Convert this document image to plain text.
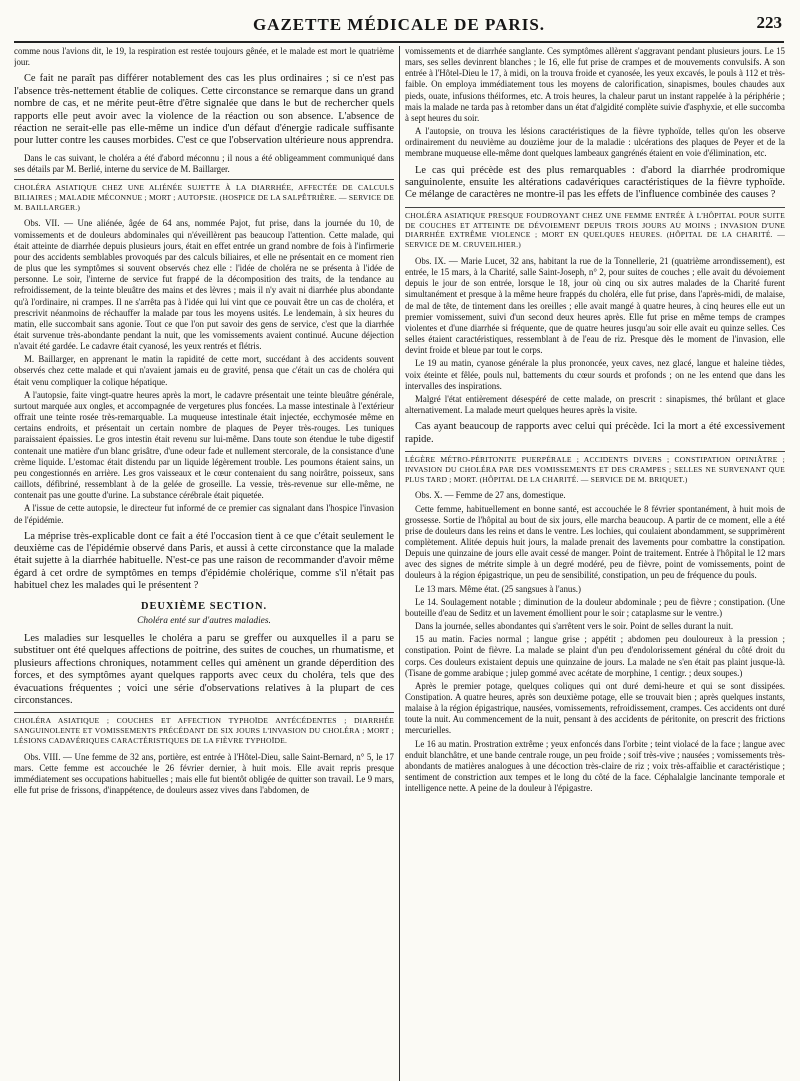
GAZETTE MÉDICALE DE PARIS.	223

comme nous l'avions dit, le 19, la respiration est restée toujours gênée, et le malade est mort le quatrième jour.

Ce fait ne paraît pas différer notablement des cas les plus ordinaires ; si ce n'est pas l'absence très-nettement établie de coliques. Cette circonstance se remarque dans un grand nombre de cas, et ne mérite peut-être d'être signalée que dans le but de rechercher quels rapports elle peut avoir avec la violence de la réaction ou son absence. L'absence de réaction ne serait-elle pas elle-même un indice d'un défaut d'énergie radicale suffisante pour lutter contre les causes morbides. C'est ce que l'observation ultérieure nous apprendra.

Dans le cas suivant, le choléra a été d'abord méconnu ; il nous a été obligeamment communiqué dans ses détails par M. Berlié, interne du service de M. Baillarger.

CHOLÉRA ASIATIQUE CHEZ UNE ALIÉNÉE SUJETTE À LA DIARRHÉE, AFFECTÉE DE CALCULS BILIAIRES ; MALADIE MÉCONNUE ; MORT ; AUTOPSIE. (HOSPICE DE LA SALPÊTRIÈRE. — SERVICE DE M. BAILLARGER.)

Obs. VII. — Une aliénée, âgée de 64 ans, nommée Pajot, fut prise, dans la journée du 10, de vomissements et de douleurs abdominales qui n'éveillèrent pas beaucoup l'attention. Cette malade, qui était atteinte de diarrhée depuis plusieurs jours, était en effet entrée un grand nombre de fois à l'infirmerie pour des accidents semblables provoqués par des calculs biliaires, et elle ne présentait en ce moment rien de plus que les symptômes si souvent observés chez elle : l'idée de choléra ne se présenta à l'idée de personne. Le soir, l'interne de service fut frappé de la décomposition des traits, de la tendance au refroidissement, de la teinte bleuâtre des mains et des lèvres ; mais il n'y avait ni diarrhée plus abondante qu'à l'ordinaire, ni crampes. Il ne s'arrêta pas à l'idée qui lui vint que ce pouvait être un cas de choléra, et prescrivit néanmoins de réchauffer la malade par tous les moyens usités. Le lendemain, à six heures du matin, elle succombait sans agonie. Tout ce que l'on put savoir des gens de service, c'est que la diarrhée était survenue très-abondante pendant la nuit, que les vomissements avaient continué. Aucune déjection n'avait été gardée. Le cadavre était cyanosé, les yeux rentrés et flétris.

M. Baillarger, en apprenant le matin la rapidité de cette mort, succédant à des accidents souvent observés chez cette malade et qui n'avaient jamais eu de gravité, pensa que c'était un cas de choléra qui était venu compliquer la colique hépatique.

A l'autopsie, faite vingt-quatre heures après la mort, le cadavre présentait une teinte bleuâtre générale, surtout marquée aux ongles, et accompagnée de vergetures plus foncées. La masse intestinale à l'extérieur offrait une teinte rosée très-remarquable. La muqueuse intestinale était injectée, ecchymosée même en certains endroits, et présentait un certain nombre de plaques de Peyer très-rouges. Les tuniques paraissaient épaissies. Le gros intestin était revenu sur lui-même. Dans toute son étendue le tube digestif contenait une matière d'un blanc grisâtre, d'une odeur fade et nullement stercorale, de la consistance d'une crème liquide. L'estomac était distendu par un liquide légèrement trouble. Les poumons étaient sains, un peu congestionnés en arrière. Les gros vaisseaux et le cœur contenaient du sang noirâtre, poisseux, sans caillots, défibriné, ressemblant à de la gelée de groseille. La vessie, très-revenue sur elle-même, ne contenait pas une goutte d'urine. La substance cérébrale était piquetée.

A l'issue de cette autopsie, le directeur fut informé de ce premier cas signalant dans l'hospice l'invasion de l'épidémie.

La méprise très-explicable dont ce fait a été l'occasion tient à ce que c'était seulement le deuxième cas de l'épidémie observé dans Paris, et aussi à cette circonstance que la malade était sujette à la diarrhée habituelle. N'est-ce pas une raison de recommander d'avoir même égard à cet ordre de symptômes en temps d'épidémie cholérique, comme s'il n'était pas habituel chez les malades qui le présentent ?

DEUXIÈME SECTION.

Choléra enté sur d'autres maladies.

Les maladies sur lesquelles le choléra a paru se greffer ou auxquelles il a paru se substituer ont été quelques affections de poitrine, des suites de couches, un rhumatisme, et plusieurs affections chroniques, notamment celles qui amènent un grande déperdition des forces, et des symptômes ayant quelques rapports avec ceux du choléra, tels que des évacuations fréquentes ; voici une série d'observations relatives à la plupart de ces circonstances.

CHOLÉRA ASIATIQUE ; COUCHES ET AFFECTION TYPHOÏDE ANTÉCÉDENTES ; DIARRHÉE SANGUINOLENTE ET VOMISSEMENTS PRÉCÉDANT DE SIX JOURS L'INVASION DU CHOLÉRA ; MORT ; LÉSIONS CADAVÉRIQUES CARACTÉRISTIQUES DE LA FIÈVRE TYPHOÏDE.

Obs. VIII. — Une femme de 32 ans, portière, est entrée à l'Hôtel-Dieu, salle Saint-Bernard, n° 5, le 17 mars. Cette femme est accouchée le 26 février dernier, à huit mois. Elle avait repris presque immédiatement ses occupations habituelles ; mais elle fut bientôt obligée de quitter son travail. Le 9 mars, elle fut prise de frissons, d'inappétence, de douleurs assez vives dans l'abdomen, de

vomissements et de diarrhée sanglante. Ces symptômes allèrent s'aggravant pendant plusieurs jours. Le 15 mars, ses selles devinrent blanches ; le 16, elle fut prise de crampes et de mouvements convulsifs. A son entrée à l'Hôtel-Dieu le 17, à midi, on la trouva froide et cyanosée, les yeux excavés, le pouls à 112 et très-faible. On employa immédiatement tous les moyens de calorification, sinapismes, boules chaudes aux pieds, ouate, infusions théiformes, etc. A trois heures, la chaleur parut un instant rappelée à la périphérie ; mais la malade ne tarda pas à retomber dans un état d'algidité complète suivie d'asphyxie, et elle succomba à sept heures du soir.

A l'autopsie, on trouva les lésions caractéristiques de la fièvre typhoïde, telles qu'on les observe ordinairement du neuvième au douzième jour de la maladie : ulcérations des plaques de Peyer et de la membrane muqueuse elle-même dont quelques lambeaux gangrénés étaient en voie d'élimination, etc.

Le cas qui précède est des plus remarquables : d'abord la diarrhée prodromique sanguinolente, ensuite les altérations cadavériques caractéristiques de la fièvre typhoïde. Ce mélange de caractères ne montre-il pas les effets de l'influence combinée des causes ?

CHOLÉRA ASIATIQUE PRESQUE FOUDROYANT CHEZ UNE FEMME ENTRÉE À L'HÔPITAL POUR SUITE DE COUCHES ET ATTEINTE DE DÉVOIEMENT DEPUIS TROIS JOURS AU MOINS ; INVASION D'UNE DIARRHÉE EXTRÊME VIOLENCE ; MORT EN QUELQUES HEURES. (HÔPITAL DE LA CHARITÉ. — SERVICE DE M. CRUVEILHIER.)

Obs. IX. — Marie Lucet, 32 ans, habitant la rue de la Tonnellerie, 21 (quatrième arrondissement), est entrée, le 15 mars, à la Charité, salle Saint-Joseph, n° 2, pour suites de couches ; elle avait du dévoiement depuis le jour de son entrée, lorsque le 18, jour où cinq ou six autres malades de la Charité furent simultanément et presque à la même heure frappés du choléra, elle fut prise, dans l'après-midi, de malaise, de mal de tête, de tintement dans les oreilles ; elle avait mangé à quatre heures, à cinq heures elle eut un premier vomissement, suivi d'un second deux heures après. Elle fut prise en même temps de crampes violentes et d'une diarrhée si fréquente, que de quatre heures jusqu'au soir elle avait eu quinze selles. Ces selles étaient caractéristiques, ressemblant à de l'eau de riz. Presque dès le moment de l'invasion, elle devint froide et bleue par tout le corps.

Le 19 au matin, cyanose générale la plus prononcée, yeux caves, nez glacé, langue et haleine tièdes, voix éteinte et fêlée, pouls nul, battements du cœur sourds et profonds ; on ne les entend que dans les intervalles des inspirations.

Malgré l'état entièrement désespéré de cette malade, on prescrit : sinapismes, thé brûlant et glace alternativement. La malade meurt quelques heures après la visite.

Cas ayant beaucoup de rapports avec celui qui précède. Ici la mort a été excessivement rapide.

LÉGÈRE MÉTRO-PÉRITONITE PUERPÉRALE ; ACCIDENTS DIVERS ; CONSTIPATION OPINIÂTRE ; INVASION DU CHOLÉRA PAR DES VOMISSEMENTS ET DES CRAMPES ; SELLES NE SURVENANT QUE PLUS TARD ; MORT. (HÔPITAL DE LA CHARITÉ. — SERVICE DE M. BRIQUET.)

Obs. X. — Femme de 27 ans, domestique.

Cette femme, habituellement en bonne santé, est accouchée le 8 février spontanément, à huit mois de grossesse. Sortie de l'hôpital au bout de six jours, elle marcha beaucoup. A partir de ce moment, elle a été prise de douleurs dans les reins et dans le ventre. Les lochies, qui coulaient abondamment, se supprimèrent complètement. Alitée depuis huit jours, la malade prenait des lavements pour combattre la constipation. Depuis une quinzaine de jours elle avait cessé de manger. Point de traitement. Entrée à l'hôpital le 12 mars avec des signes de métrite simple à un degré modéré, peu de fièvre, point de vomissements, point de douleurs à la région épigastrique, un peu de sensibilité, constipation, un peu de fréquence du pouls.

Le 13 mars. Même état. (25 sangsues à l'anus.)

Le 14. Soulagement notable ; diminution de la douleur abdominale ; peu de fièvre ; constipation. (Une bouteille d'eau de Seditz et un lavement émollient pour le soir ; cataplasme sur le ventre.)

Dans la journée, selles abondantes qui s'arrêtent vers le soir. Point de selles durant la nuit.

15 au matin. Facies normal ; langue grise ; appétit ; abdomen peu douloureux à la pression ; constipation. Point de fièvre. La malade se plaint d'un peu d'endolorissement général du côté droit du corps. Ces douleurs existaient depuis une quinzaine de jours. La malade ne s'en était pas plaint jusque-là. (Tisane de gomme arabique ; julep gommé avec acétate de morphine, 1 centigr. ; deux soupes.)

Après le premier potage, quelques coliques qui ont duré demi-heure et qui se sont dissipées. Constipation. A quatre heures, après son deuxième potage, elle se trouvait bien ; après quelques instants, malaise à la région épigastrique, nausées, vomissements, refroidissement, crampes. Ces accidents ont duré toute la nuit. Au commencement de la nuit, pensant à des accidents de péritonite, on prescrit des frictions mercurielles.

Le 16 au matin. Prostration extrême ; yeux enfoncés dans l'orbite ; teint violacé de la face ; langue avec enduit blanchâtre, et une bande centrale rouge, un peu froide ; soif très-vive ; nausées ; vomissements très-abondants de matières analogues à une décoction très-claire de riz ; voix très-affaiblie et caractéristique ; sentiment de constriction aux tempes et le long du côté de la face. Céphalalgie lancinante temporale et intelligence nette. A peine de la douleur à l'épigastre.
